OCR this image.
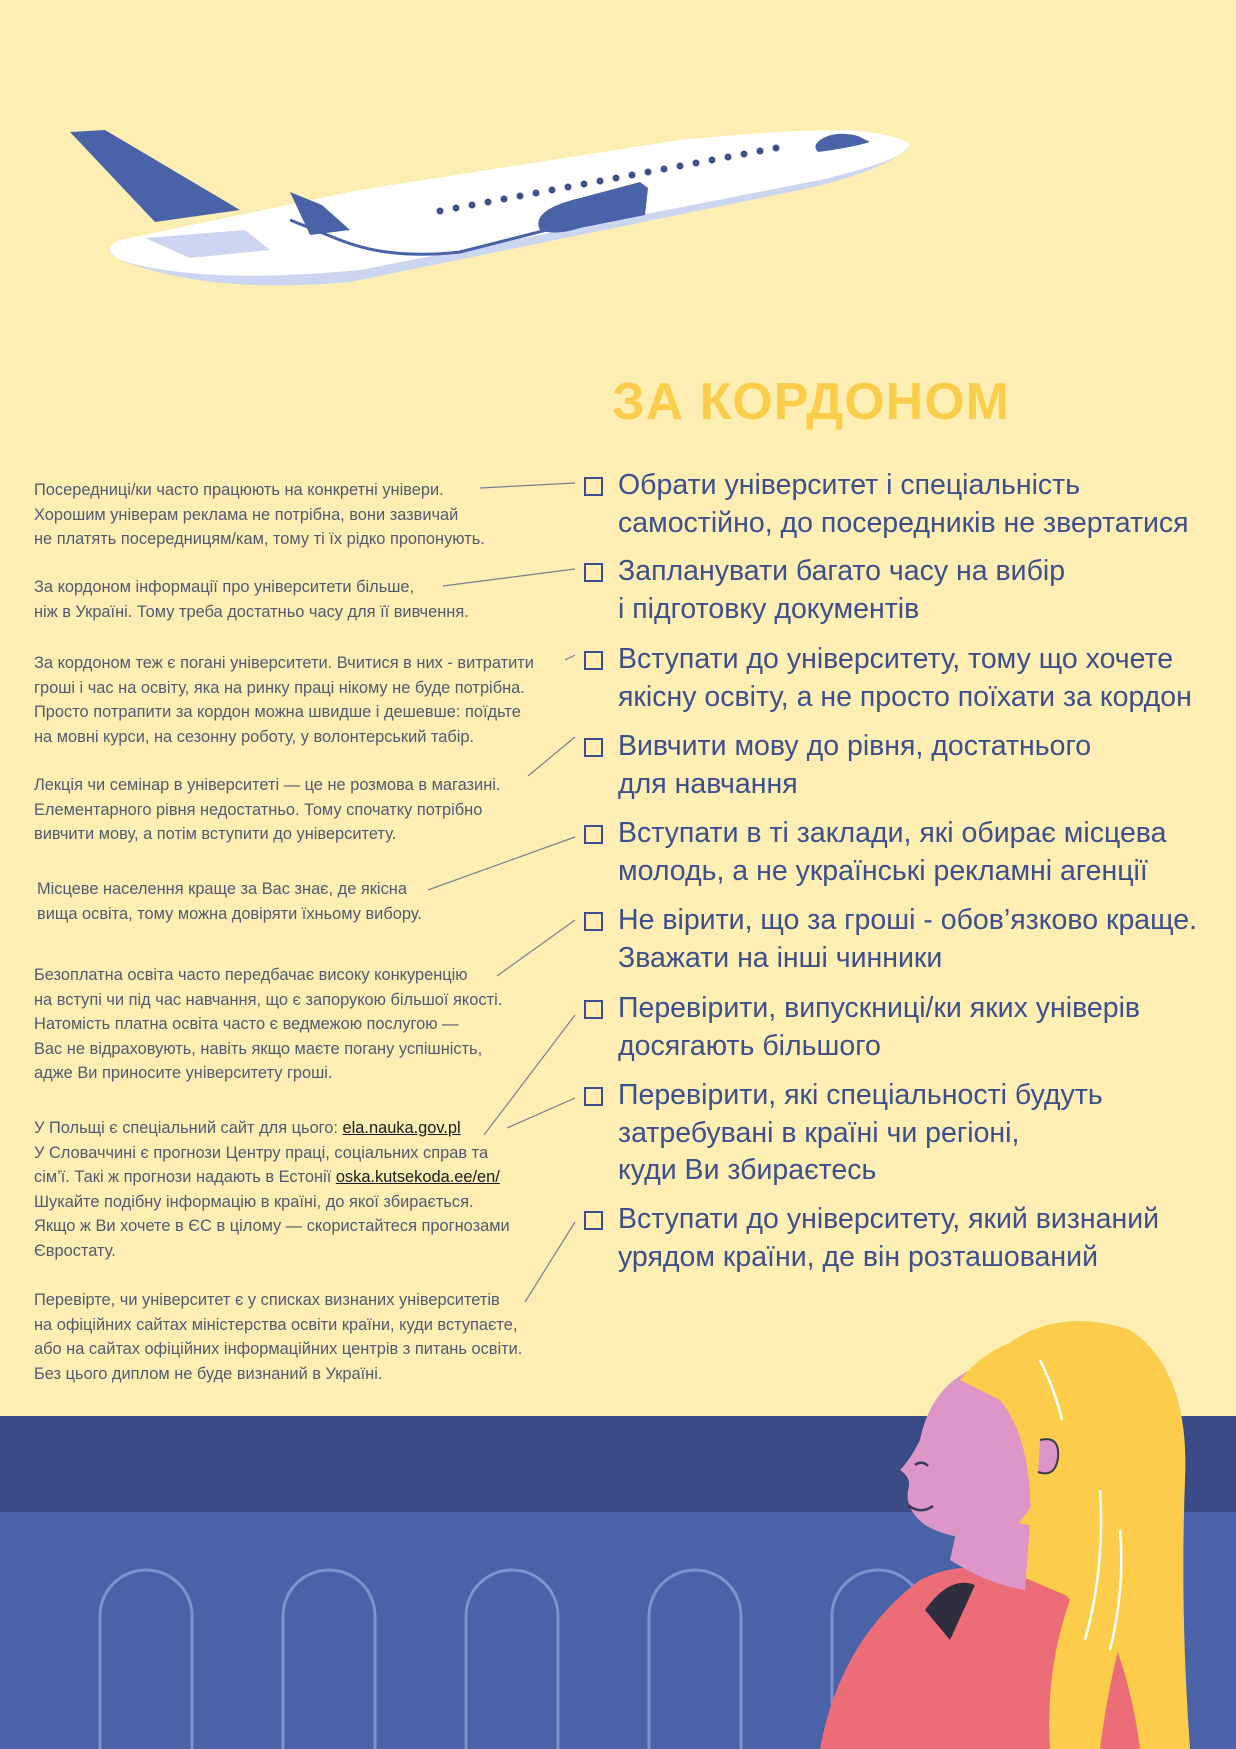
ЗА КОРДОНОМ
Посередниці/ки часто працюють на конкретні універи.
Хорошим універам реклама не потрібна, вони зазвичай
не платять посередницям/кам, тому ті їх рідко пропонують.
За кордоном інформації про університети більше,
ніж в Україні. Тому треба достатньо часу для її вивчення.
За кордоном теж є погані університети. Вчитися в них - витратити
гроші і час на освіту, яка на ринку праці нікому не буде потрібна.
Просто потрапити за кордон можна швидше і дешевше: поїдьте
на мовні курси, на сезонну роботу, у волонтерський табір.
Лекція чи семінар в університеті — це не розмова в магазині.
Елементарного рівня недостатньо. Тому спочатку потрібно
вивчити мову, а потім вступити до університету.
Місцеве населення краще за Вас знає, де якісна
вища освіта, тому можна довіряти їхньому вибору.
Безоплатна освіта часто передбачає високу конкуренцію
на вступі чи під час навчання, що є запорукою більшої якості.
Натомість платна освіта часто є ведмежою послугою —
Вас не відраховують, навіть якщо маєте погану успішність,
адже Ви приносите університету гроші.
У Польщі є спеціальний сайт для цього: ela.nauka.gov.pl
У Словаччині є прогнози Центру праці, соціальних справ та
сім’ї. Такі ж прогнози надають в Естонії oska.kutsekoda.ee/en/
Шукайте подібну інформацію в країні, до якої збирається.
Якщо ж Ви хочете в ЄС в цілому — скористайтеся прогнозами
Євростату.
Перевірте, чи університет є у списках визнаних університетів
на офіційних сайтах міністерства освіти країни, куди вступаєте,
або на сайтах офіційних інформаційних центрів з питань освіти.
Без цього диплом не буде визнаний в Україні.
Обрати університет і спеціальність
самостійно, до посередників не звертатися
Запланувати багато часу на вибір
і підготовку документів
Вступати до університету, тому що хочете
якісну освіту, а не просто поїхати за кордон
Вивчити мову до рівня, достатнього
для навчання
Вступати в ті заклади, які обирає місцева
молодь, а не українські рекламні агенції
Не вірити, що за гроші - обов’язково краще.
Зважати на інші чинники
Перевірити, випускниці/ки яких універів
досягають більшого
Перевірити, які спеціальності будуть
затребувані в країні чи регіоні,
куди Ви збираєтесь
Вступати до університету, який визнаний
урядом країни, де він розташований
